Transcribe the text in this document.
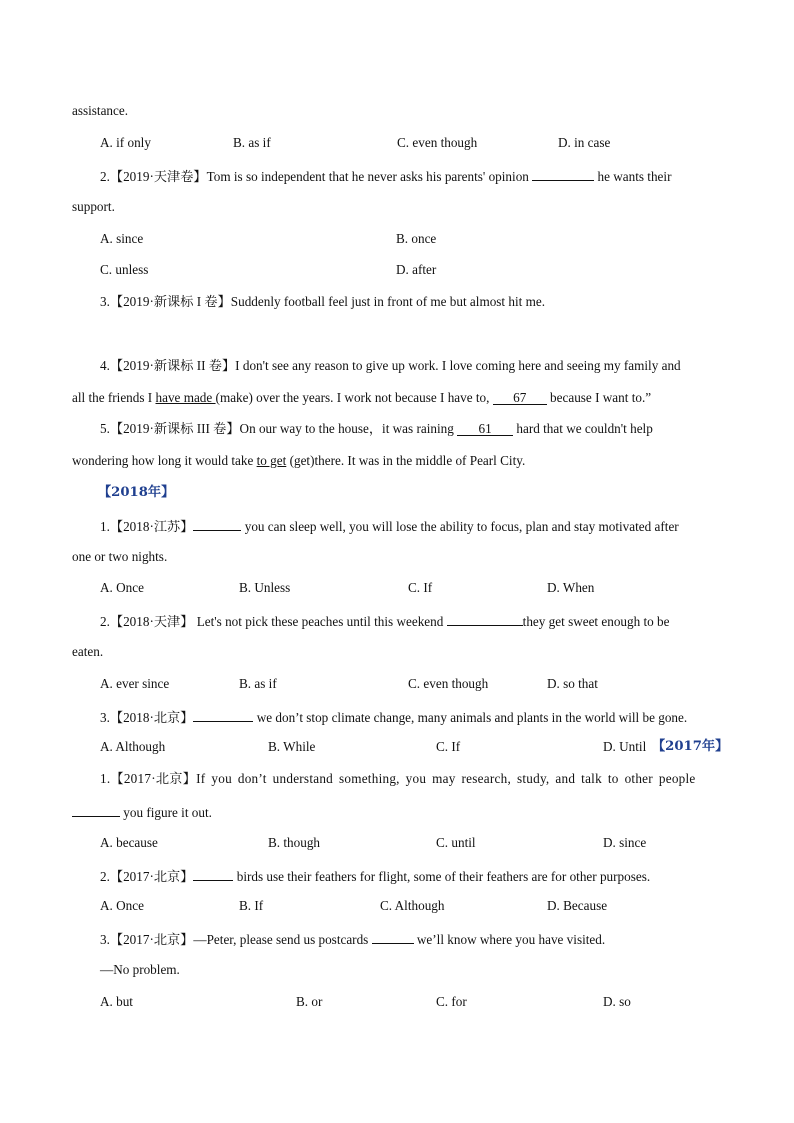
assistance.
A. if only	B. as if	C. even though	D. in case
2.【2019·天津卷】Tom is so independent that he never asks his parents' opinion	he wants their
support.
A. since	B. once
C. unless	D. after
3.【2019·新课标 I 卷】Suddenly football feel just in front of me but almost hit me.
4.【2019·新课标 II 卷】I don't see any reason to give up work. I love coming here and seeing my family and
all the friends I have made (make) over the years. I work not because I have to, 67 because I want to.”
5.【2019·新课标 III 卷】On our way to the house，it was raining 61 hard that we couldn't help
wondering how long it would take to get (get)there. It was in the middle of Pearl City.
【2018年】
1.【2018·江苏】	you can sleep well, you will lose the ability to focus, plan and stay motivated after
one or two nights.
A. Once	B. Unless	C. If	D. When
2.【2018·天津】 Let's not pick these peaches until this weekend	they get sweet enough to be
eaten.
A. ever since	B. as if	C. even though	D. so that
3.【2018·北京】	we don’t stop climate change, many animals and plants in the world will be gone.
A. Although	B. While	C. If	D. Until 【2017年】
1.【2017·北京】If you don’t understand something, you may research, study, and talk to other people
you figure it out.
A. because	B. though	C. until	D. since
2.【2017·北京】	birds use their feathers for flight, some of their feathers are for other purposes.
A. Once	B. If	C. Although	D. Because
3.【2017·北京】—Peter, please send us postcards	we’ll know where you have visited.
—No problem.
A. but	B. or	C. for	D. so
